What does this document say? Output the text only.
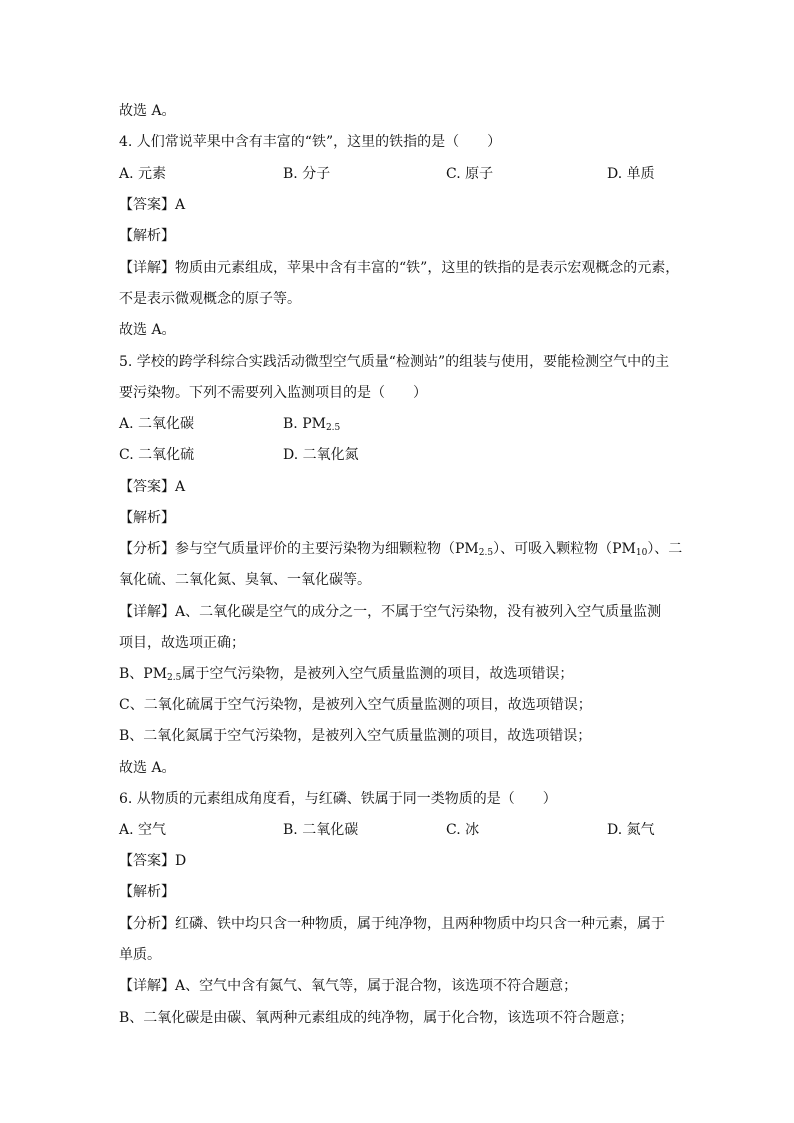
故选 A。
4. 人们常说苹果中含有丰富的“铁”，这里的铁指的是（　　）
A. 元素	B. 分子	C. 原子	D. 单质
【答案】A
【解析】
【详解】物质由元素组成，苹果中含有丰富的“铁”，这里的铁指的是表示宏观概念的元素，
不是表示微观概念的原子等。
故选 A。
5. 学校的跨学科综合实践活动微型空气质量“检测站”的组装与使用，要能检测空气中的主
要污染物。下列不需要列入监测项目的是（　　）
A. 二氧化碳	B. $PM_{2.5}$
C. 二氧化硫	D. 二氧化氮
【答案】A
【解析】
【分析】参与空气质量评价的主要污染物为细颗粒物$(PM_{2.5})$、可吸入颗粒物$(PM_{10})$、二
氧化硫、二氧化氮、臭氧、一氧化碳等。
【详解】A、二氧化碳是空气的成分之一，不属于空气污染物，没有被列入空气质量监测
项目，故选项正确；
B、$PM_{2.5}$属于空气污染物，是被列入空气质量监测的项目，故选项错误；
C、二氧化硫属于空气污染物，是被列入空气质量监测的项目，故选项错误；
B、二氧化氮属于空气污染物，是被列入空气质量监测的项目，故选项错误；
故选 A。
6. 从物质的元素组成角度看，与红磷、铁属于同一类物质的是（　　）
A. 空气	B. 二氧化碳	C. 冰	D. 氮气
【答案】D
【解析】
【分析】红磷、铁中均只含一种物质，属于纯净物，且两种物质中均只含一种元素，属于
单质。
【详解】A、空气中含有氮气、氧气等，属于混合物，该选项不符合题意；
B、二氧化碳是由碳、氧两种元素组成的纯净物，属于化合物，该选项不符合题意；
